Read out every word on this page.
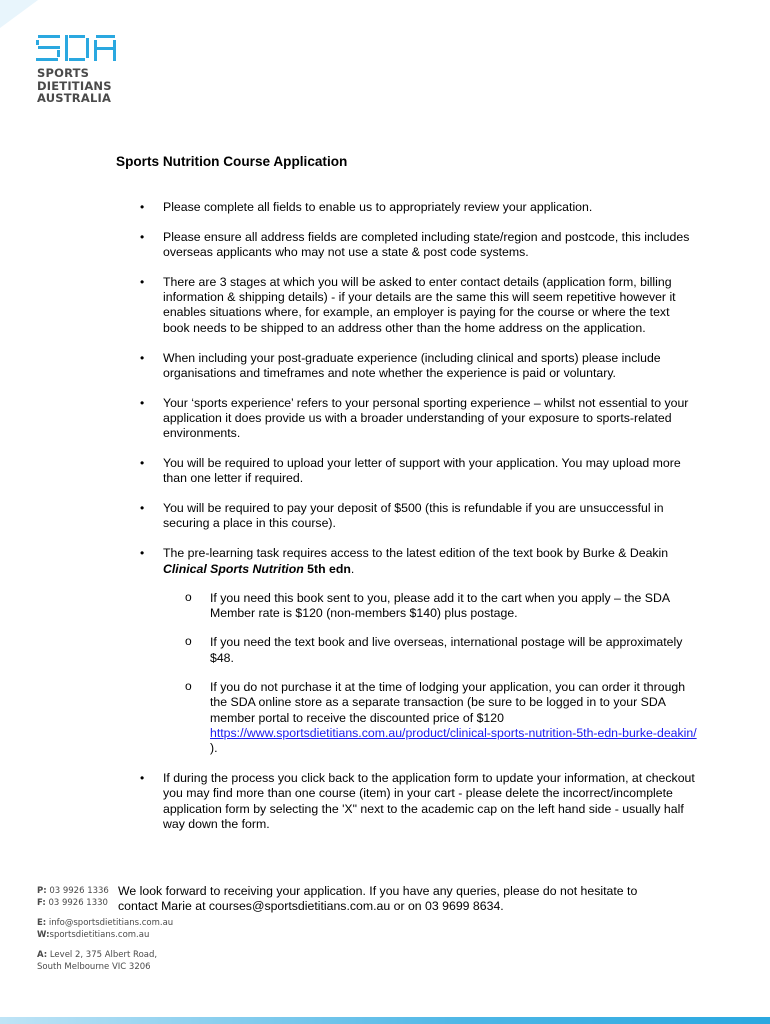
SPORTS
DIETITIANS
AUSTRALIA
Sports Nutrition Course Application
• Please complete all fields to enable us to appropriately review your application.
• Please ensure all address fields are completed including state/region and postcode, this includes overseas applicants who may not use a state & post code systems.
• There are 3 stages at which you will be asked to enter contact details (application form, billing information & shipping details) - if your details are the same this will seem repetitive however it enables situations where, for example, an employer is paying for the course or where the text book needs to be shipped to an address other than the home address on the application.
• When including your post-graduate experience (including clinical and sports) please include organisations and timeframes and note whether the experience is paid or voluntary.
• Your ‘sports experience’ refers to your personal sporting experience – whilst not essential to your application it does provide us with a broader understanding of your exposure to sports-related environments.
• You will be required to upload your letter of support with your application. You may upload more than one letter if required.
• You will be required to pay your deposit of $500 (this is refundable if you are unsuccessful in securing a place in this course).
• The pre-learning task requires access to the latest edition of the text book by Burke & Deakin Clinical Sports Nutrition 5th edn.
o If you need this book sent to you, please add it to the cart when you apply – the SDA Member rate is $120 (non-members $140) plus postage.
o If you need the text book and live overseas, international postage will be approximately $48.
o If you do not purchase it at the time of lodging your application, you can order it through the SDA online store as a separate transaction (be sure to be logged in to your SDA member portal to receive the discounted price of $120 https://www.sportsdietitians.com.au/product/clinical-sports-nutrition-5th-edn-burke-deakin/ ).
• If during the process you click back to the application form to update your information, at checkout you may find more than one course (item) in your cart - please delete the incorrect/incomplete application form by selecting the 'X" next to the academic cap on the left hand side - usually half way down the form.
We look forward to receiving your application. If you have any queries, please do not hesitate to contact Marie at courses@sportsdietitians.com.au or on 03 9699 8634.
P: 03 9926 1336
F: 03 9926 1330
E: info@sportsdietitians.com.au
W:sportsdietitians.com.au
A: Level 2, 375 Albert Road,
South Melbourne VIC 3206
